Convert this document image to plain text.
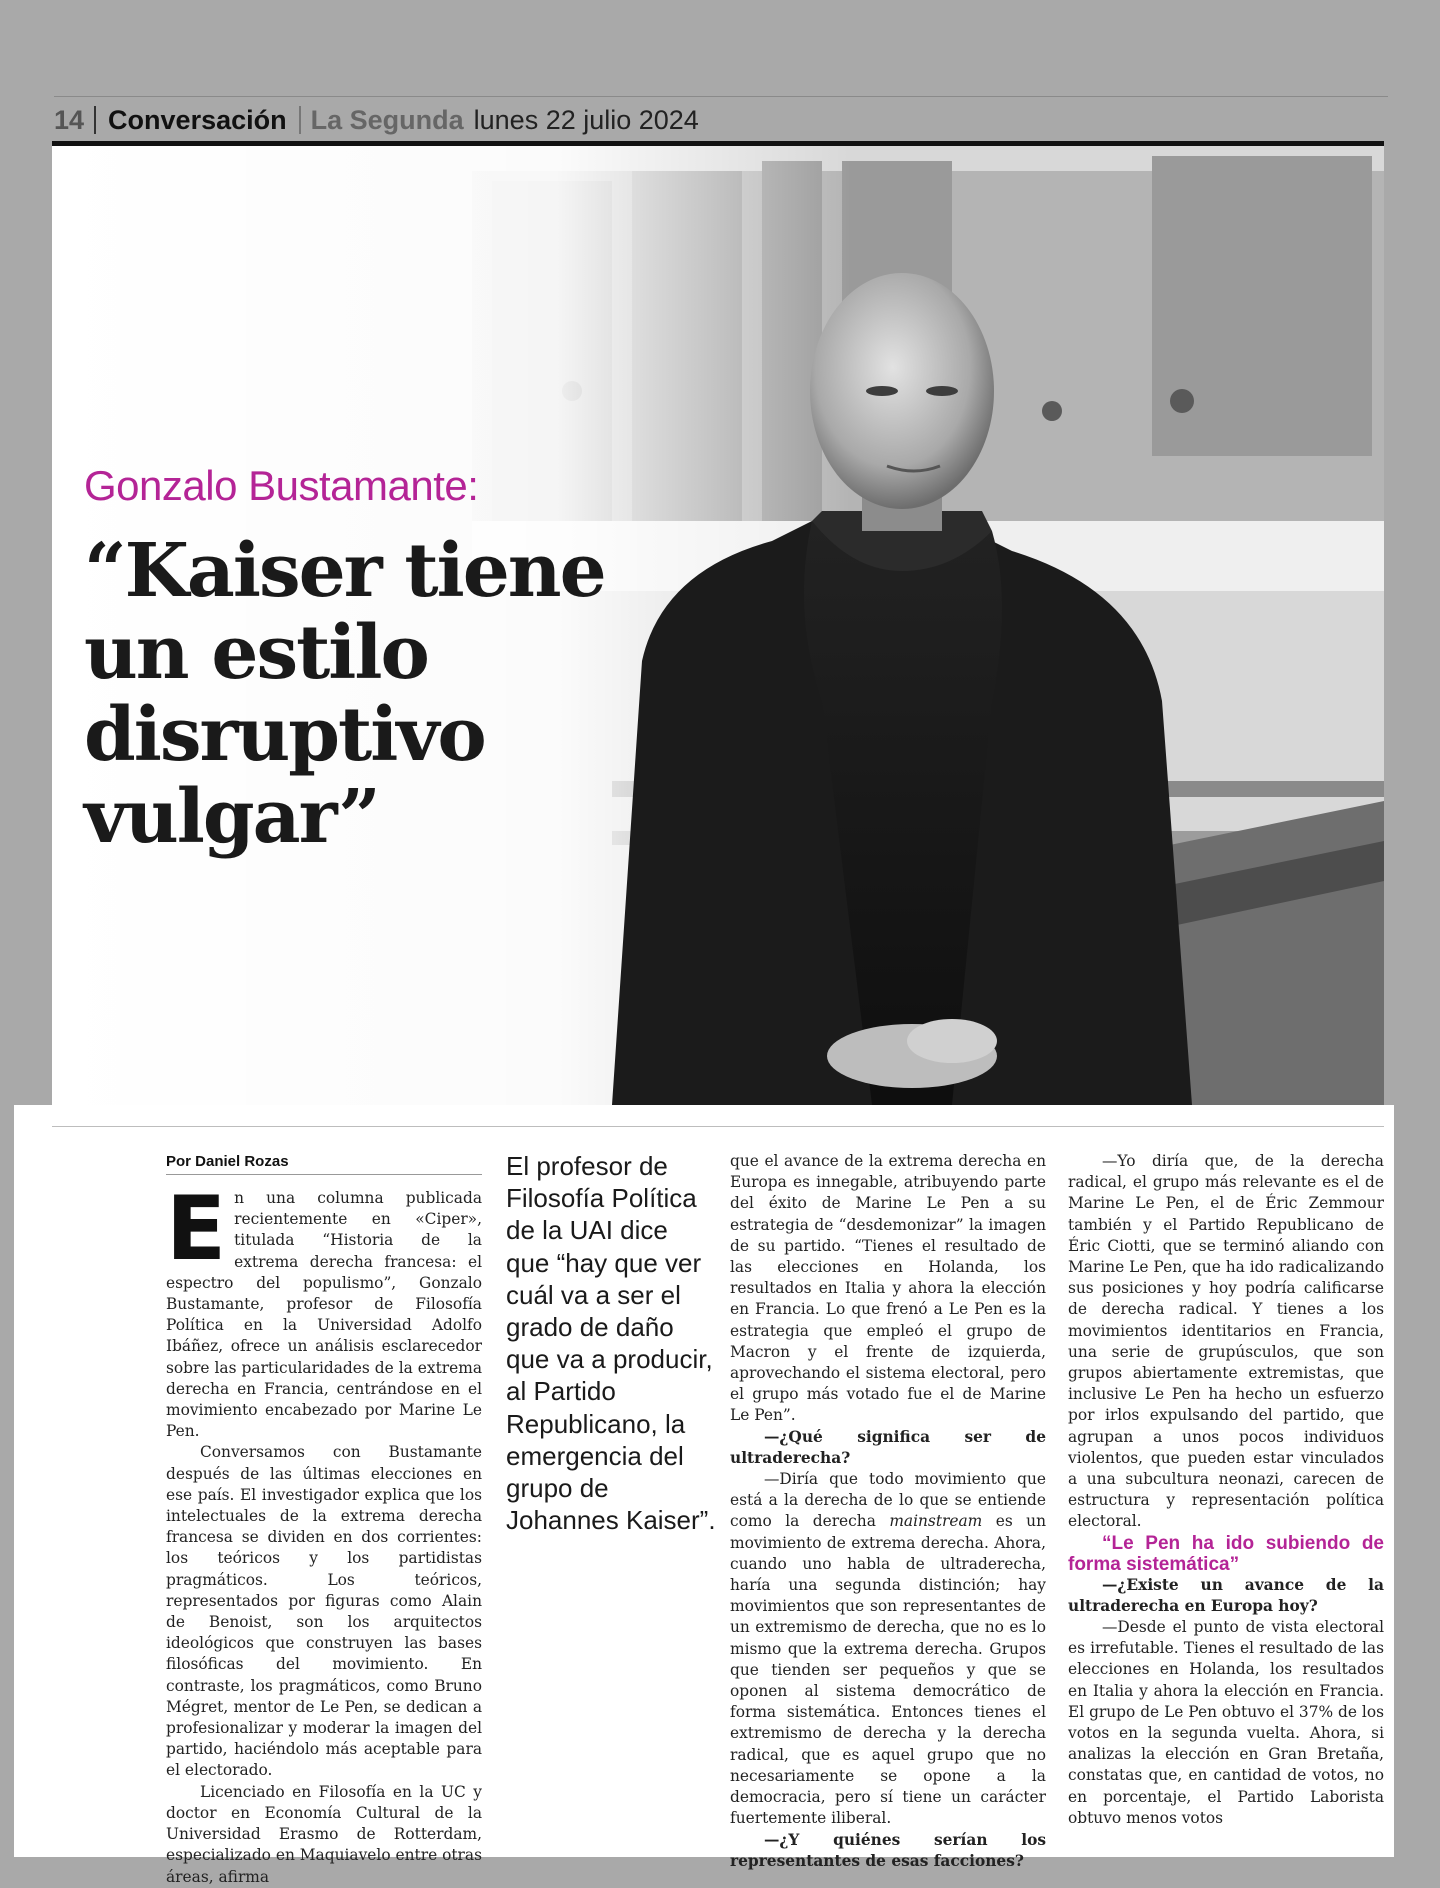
14 Conversación La Segunda lunes 22 julio 2024
Gonzalo Bustamante:
“Kaiser tiene un estilo disruptivo vulgar”
Por Daniel Rozas

En una columna publicada recientemente en «Ciper», titulada “Historia de la extrema derecha francesa: el espectro del populismo”, Gonzalo Bustamante, profesor de Filosofía Política en la Universidad Adolfo Ibáñez, ofrece un análisis esclarecedor sobre las particularidades de la extrema derecha en Francia, centrándose en el movimiento encabezado por Marine Le Pen.

Conversamos con Bustamante después de las últimas elecciones en ese país. El investigador explica que los intelectuales de la extrema derecha francesa se dividen en dos corrientes: los teóricos y los partidistas pragmáticos. Los teóricos, representados por figuras como Alain de Benoist, son los arquitectos ideológicos que construyen las bases filosóficas del movimiento. En contraste, los pragmáticos, como Bruno Mégret, mentor de Le Pen, se dedican a profesionalizar y moderar la imagen del partido, haciéndolo más aceptable para el electorado.

Licenciado en Filosofía en la UC y doctor en Economía Cultural de la Universidad Erasmo de Rotterdam, especializado en Maquiavelo entre otras áreas, afirma

El profesor de Filosofía Política de la UAI dice que “hay que ver cuál va a ser el grado de daño que va a producir, al Partido Republicano, la emergencia del grupo de Johannes Kaiser”.

que el avance de la extrema derecha en Europa es innegable, atribuyendo parte del éxito de Marine Le Pen a su estrategia de “desdemonizar” la imagen de su partido. “Tienes el resultado de las elecciones en Holanda, los resultados en Italia y ahora la elección en Francia. Lo que frenó a Le Pen es la estrategia que empleó el grupo de Macron y el frente de izquierda, aprovechando el sistema electoral, pero el grupo más votado fue el de Marine Le Pen”.

—¿Qué significa ser de ultraderecha?

—Diría que todo movimiento que está a la derecha de lo que se entiende como la derecha mainstream es un movimiento de extrema derecha. Ahora, cuando uno habla de ultraderecha, haría una segunda distinción; hay movimientos que son representantes de un extremismo de derecha, que no es lo mismo que la extrema derecha. Grupos que tienden ser pequeños y que se oponen al sistema democrático de forma sistemática. Entonces tienes el extremismo de derecha y la derecha radical, que es aquel grupo que no necesariamente se opone a la democracia, pero sí tiene un carácter fuertemente iliberal.

—¿Y quiénes serían los representantes de esas facciones?

—Yo diría que, de la derecha radical, el grupo más relevante es el de Marine Le Pen, el de Éric Zemmour también y el Partido Republicano de Éric Ciotti, que se terminó aliando con Marine Le Pen, que ha ido radicalizando sus posiciones y hoy podría calificarse de derecha radical. Y tienes a los movimientos identitarios en Francia, una serie de grupúsculos, que son grupos abiertamente extremistas, que inclusive Le Pen ha hecho un esfuerzo por irlos expulsando del partido, que agrupan a unos pocos individuos violentos, que pueden estar vinculados a una subcultura neonazi, carecen de estructura y representación política electoral.

“Le Pen ha ido subiendo de forma sistemática”

—¿Existe un avance de la ultraderecha en Europa hoy?

—Desde el punto de vista electoral es irrefutable. Tienes el resultado de las elecciones en Holanda, los resultados en Italia y ahora la elección en Francia. El grupo de Le Pen obtuvo el 37% de los votos en la segunda vuelta. Ahora, si analizas la elección en Gran Bretaña, constatas que, en cantidad de votos, no en porcentaje, el Partido Laborista obtuvo menos votos
